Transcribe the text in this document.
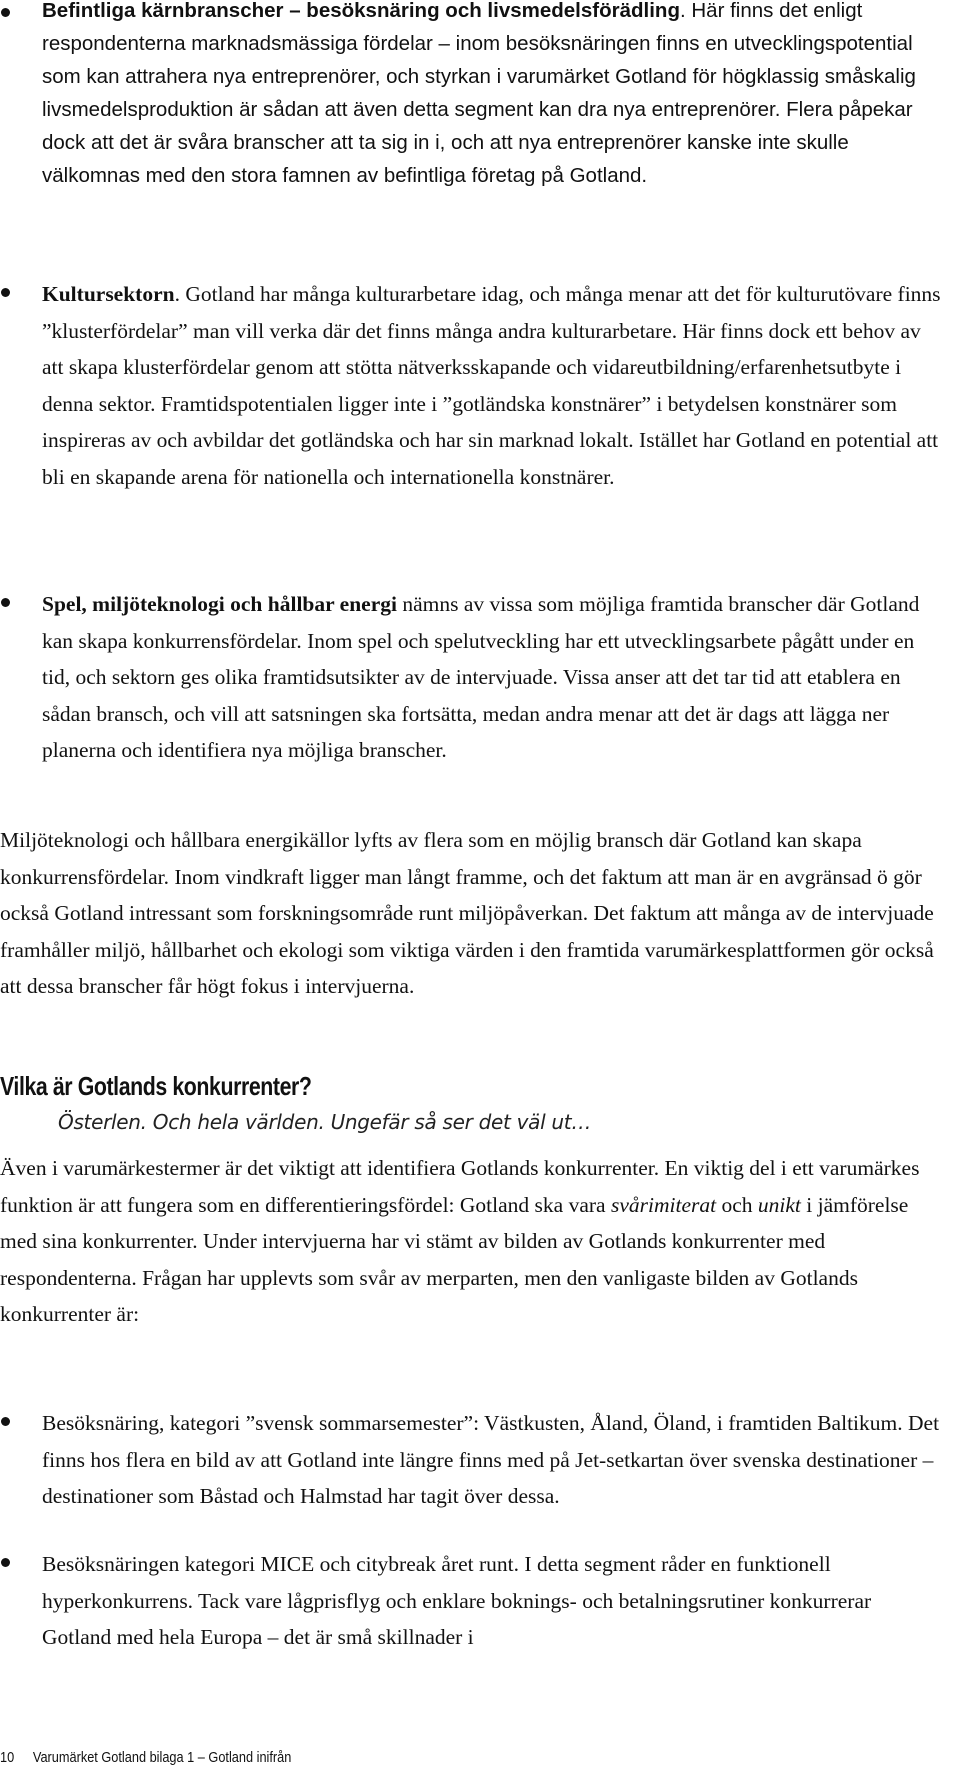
Befintliga kärnbranscher – besöksnäring och livsmedelsförädling. Här finns det enligt respondenterna marknadsmässiga fördelar – inom besöksnäringen finns en utvecklingspotential som kan attrahera nya entreprenörer, och styrkan i varumärket Gotland för högklassig småskalig livsmedelsproduktion är sådan att även detta segment kan dra nya entreprenörer. Flera påpekar dock att det är svåra branscher att ta sig in i, och att nya entreprenörer kanske inte skulle välkomnas med den stora famnen av befintliga företag på Gotland.
Kultursektorn. Gotland har många kulturarbetare idag, och många menar att det för kulturutövare finns ”klusterfördelar” man vill verka där det finns många andra kulturarbetare. Här finns dock ett behov av att skapa klusterfördelar genom att stötta nätverksskapande och vidareutbildning/erfarenhetsutbyte i denna sektor. Framtidspotentialen ligger inte i ”gotländska konstnärer” i betydelsen konstnärer som inspireras av och avbildar det gotländska och har sin marknad lokalt. Istället har Gotland en potential att bli en skapande arena för nationella och internationella konstnärer.
Spel, miljöteknologi och hållbar energi nämns av vissa som möjliga framtida branscher där Gotland kan skapa konkurrensfördelar. Inom spel och spelutveckling har ett utvecklingsarbete pågått under en tid, och sektorn ges olika framtidsutsikter av de intervjuade. Vissa anser att det tar tid att etablera en sådan bransch, och vill att satsningen ska fortsätta, medan andra menar att det är dags att lägga ner planerna och identifiera nya möjliga branscher.
Miljöteknologi och hållbara energikällor lyfts av flera som en möjlig bransch där Gotland kan skapa konkurrensfördelar. Inom vindkraft ligger man långt framme, och det faktum att man är en avgränsad ö gör också Gotland intressant som forskningsområde runt miljöpåverkan. Det faktum att många av de intervjuade framhåller miljö, hållbarhet och ekologi som viktiga värden i den framtida varumärkesplattformen gör också att dessa branscher får högt fokus i intervjuerna.
Vilka är Gotlands konkurrenter?
Österlen. Och hela världen. Ungefär så ser det väl ut…
Även i varumärkestermer är det viktigt att identifiera Gotlands konkurrenter. En viktig del i ett varumärkes funktion är att fungera som en differentieringsfördel: Gotland ska vara svårimiterat och unikt i jämförelse med sina konkurrenter. Under intervjuerna har vi stämt av bilden av Gotlands konkurrenter med respondenterna. Frågan har upplevts som svår av merparten, men den vanligaste bilden av Gotlands konkurrenter är:
Besöksnäring, kategori ”svensk sommarsemester”: Västkusten, Åland, Öland, i framtiden Baltikum. Det finns hos flera en bild av att Gotland inte längre finns med på Jet-setkartan över svenska destinationer – destinationer som Båstad och Halmstad har tagit över dessa.
Besöksnäringen kategori MICE och citybreak året runt. I detta segment råder en funktionell hyperkonkurrens. Tack vare lågprisflyg och enklare boknings- och betalningsrutiner konkurrerar Gotland med hela Europa – det är små skillnader i
10 Varumärket Gotland bilaga 1 – Gotland inifrån
